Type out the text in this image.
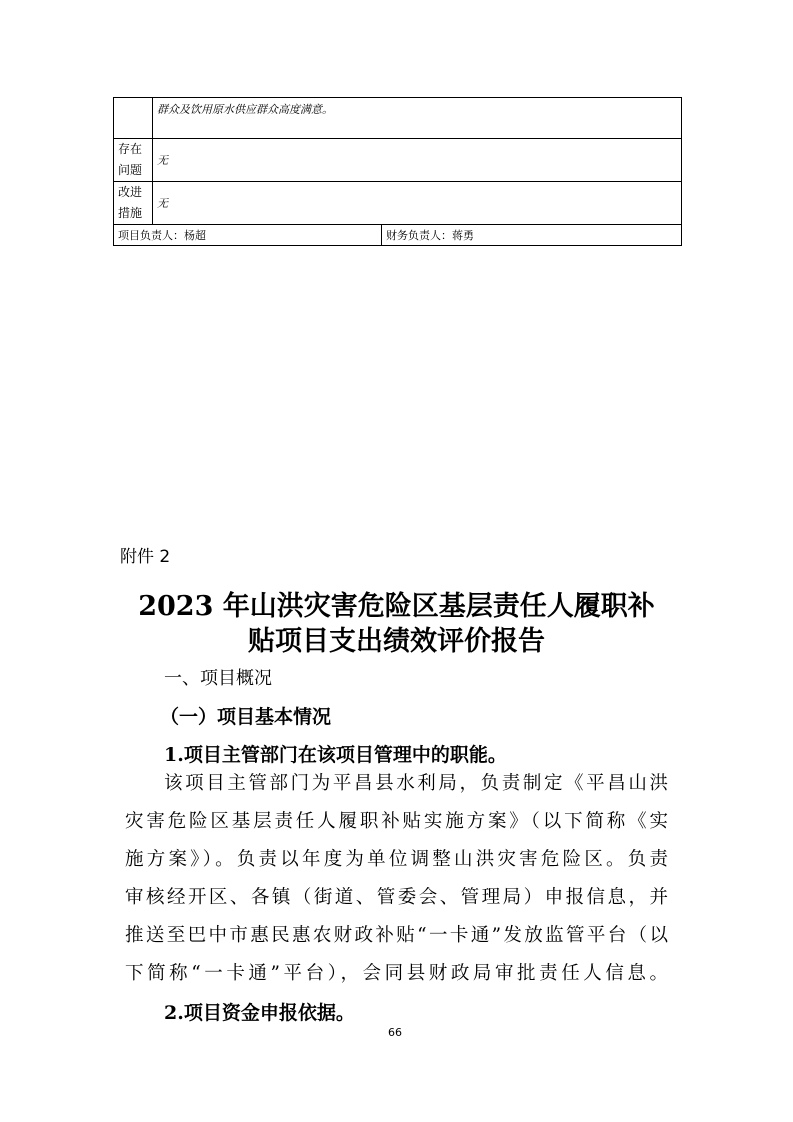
	群众及饮用原水供应群众高度满意。
存在
问题	无
改进
措施	无

项目负责人：杨超 财务负责人：蒋勇	
附件 2
2023 年山洪灾害危险区基层责任人履职补
贴项目支出绩效评价报告
一、项目概况
（一）项目基本情况
1.项目主管部门在该项目管理中的职能。
该项目主管部门为平昌县水利局，负责制定《平昌山洪
灾害危险区基层责任人履职补贴实施方案》（以下简称《实
施方案》）。负责以年度为单位调整山洪灾害危险区。负责
审核经开区、各镇（街道、管委会、管理局）申报信息，并
推送至巴中市惠民惠农财政补贴“一卡通”发放监管平台（以
下简称“一卡通”平台），会同县财政局审批责任人信息。
2.项目资金申报依据。
66
